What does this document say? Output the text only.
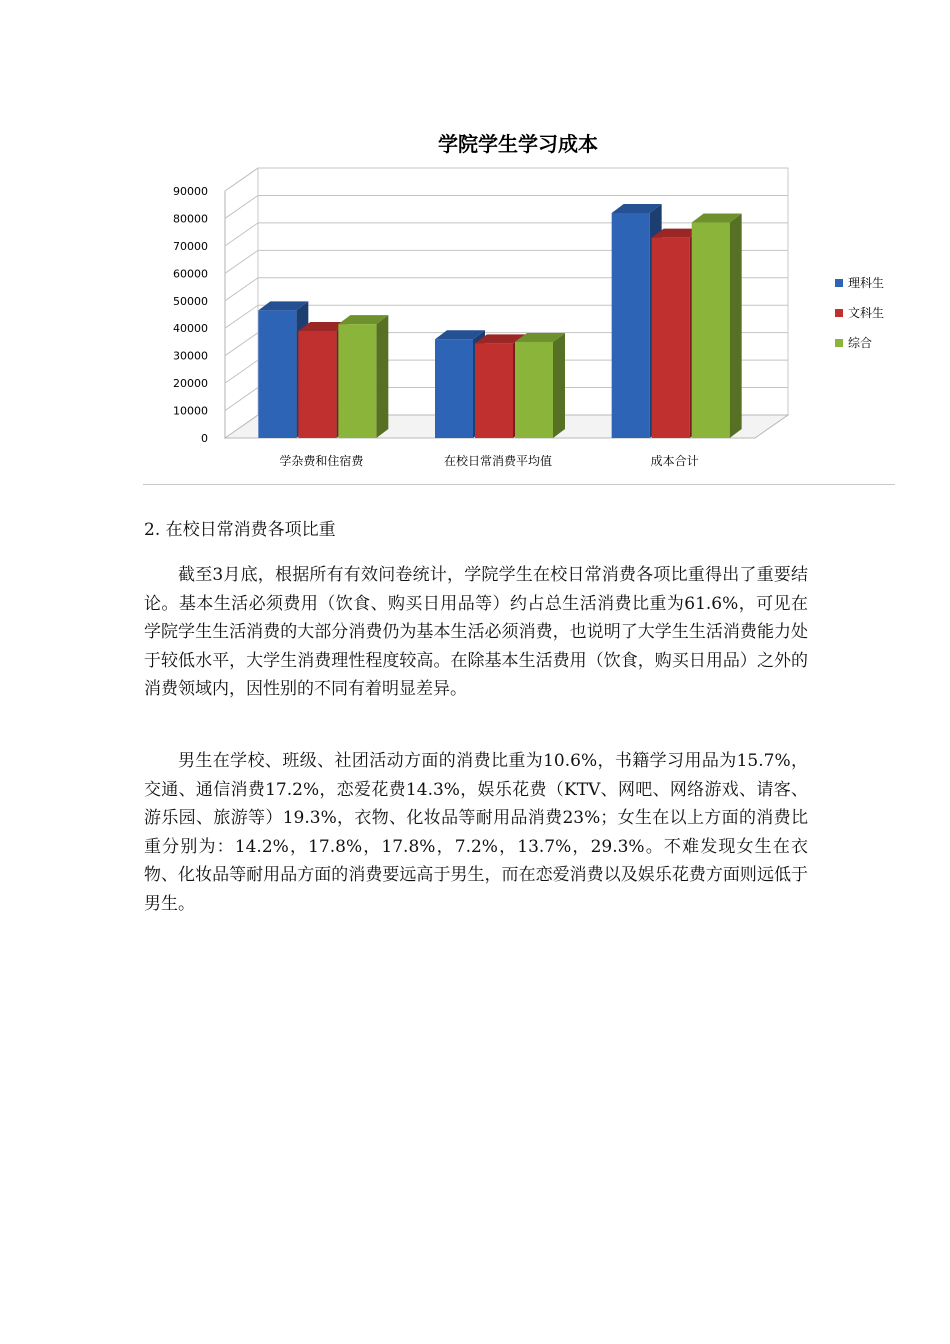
学院学生学习成本
0
10000
20000
30000
40000
50000
60000
70000
80000
90000
学杂费和住宿费	在校日常消费平均值	成本合计
理科生
文科生
综合
2. 在校日常消费各项比重

截至3月底，根据所有有效问卷统计，学院学生在校日常消费各项比重得出了重要结论。基本生活必须费用（饮食、购买日用品等）约占总生活消费比重为61.6%，可见在学院学生生活消费的大部分消费仍为基本生活必须消费，也说明了大学生生活消费能力处于较低水平，大学生消费理性程度较高。在除基本生活费用（饮食，购买日用品）之外的消费领域内，因性别的不同有着明显差异。

男生在学校、班级、社团活动方面的消费比重为10.6%，书籍学习用品为15.7%，交通、通信消费17.2%，恋爱花费14.3%，娱乐花费（KTV、网吧、网络游戏、请客、游乐园、旅游等）19.3%，衣物、化妆品等耐用品消费23%；女生在以上方面的消费比重分别为：14.2%，17.8%，17.8%，7.2%，13.7%，29.3%。不难发现女生在衣物、化妆品等耐用品方面的消费要远高于男生，而在恋爱消费以及娱乐花费方面则远低于男生。
